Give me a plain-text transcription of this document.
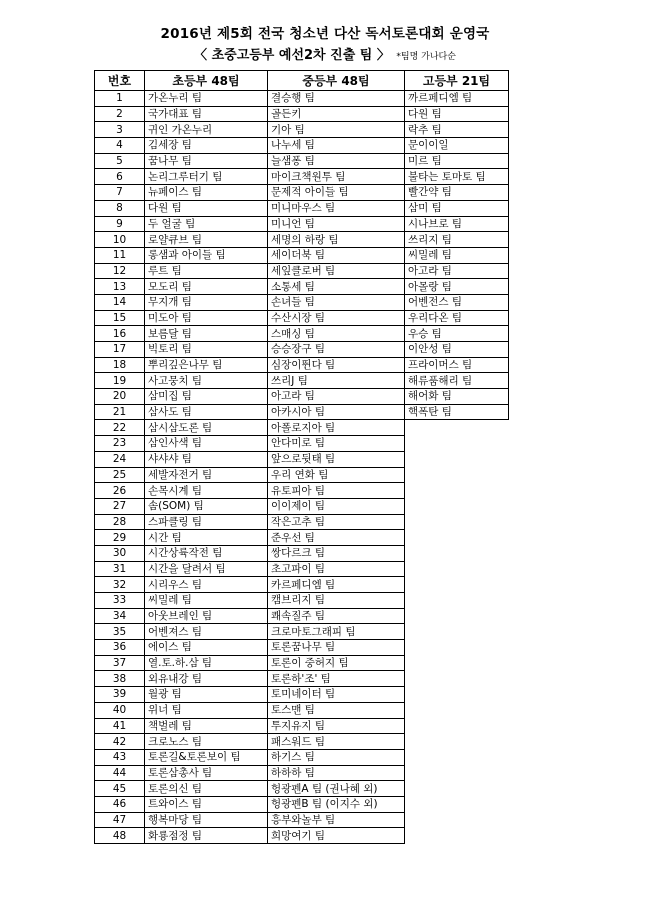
2016년 제5회 전국 청소년 다산 독서토론대회 운영국
〈 초중고등부 예선2차 진출 팀 〉 *팀명 가나다순
번호	초등부 48팀	중등부 48팀	고등부 21팀
1	가온누리 팀	결승행 팀	까르페디엠 팀
2	국가대표 팀	골든키	다원 팀
3	귀인 가온누리	기아 팀	락추 팀
4	김세장 팀	나누세 팀	문이이일
5	꿈나무 팀	늘샘퐁 팀	미르 팀
6	논리그루터기 팀	마이크책원투 팀	불타는 토마토 팀
7	뉴페이스 팀	문제적 아이들 팀	빨간약 팀
8	다원 팀	미니마우스 팀	삼미 팀
9	두 얼굴 팀	미니언 팀	시나브로 팀
10	로얄큐브 팀	세명의 하랑 팀	쓰리지 팀
11	롱샘과 아이들 팀	세이더북 팀	씨밀레 팀
12	루트 팀	세잎클로버 팀	아고라 팀
13	모도리 팀	소통세 팀	아몰랑 팀
14	무지개 팀	손녀들 팀	어벤전스 팀
15	미도아 팀	수산시장 팀	우리다온 팀
16	보름달 팀	스매싱 팀	우승 팀
17	빅토리 팀	승승장구 팀	이안성 팀
18	뿌리깊은나무 팀	심장이뛴다 팀	프라이머스 팀
19	사고뭉치 팀	쓰리J 팀	해류품해리 팀
20	삼미집 팀	아고라 팀	해어화 팀
21	삼사도 팀	아카시아 팀	핵폭탄 팀
22	삼시삼도론 팀	아폴로지아 팀	
23	삼인사색 팀	안다미로 팀	
24	샤샤샤 팀	앞으로뒷태 팀	
25	세발자전거 팀	우리 연화 팀	
26	손목시계 팀	유토피아 팀	
27	솜(SOM) 팀	이이제이 팀	
28	스파클링 팀	작은고추 팀	
29	시간 팀	준우선 팀	
30	시간상륙작전 팀	쌍다르크 팀	
31	시간을 달려서 팀	초고파이 팀	
32	시리우스 팀	카르페디엠 팀	
33	씨밀레 팀	캠브리지 팀	
34	아웃브레인 팀	쾌속질주 팀	
35	어벤져스 팀	크로마토그래피 팀	
36	에이스 팀	토론꿈나무 팀	
37	열.토.하.삼 팀	토론이 중허지 팀	
38	외유내강 팀	토론하'조' 팀	
39	월광 팀	토미네이터 팀	
40	위너 팀	토스맨 팀	
41	책벌레 팀	투지유지 팀	
42	크로노스 팀	패스워드 팀	
43	토론길&토론보이 팀	하기스 팀	
44	토론삼총사 팀	하하하 팀	
45	토론의신 팀	헝광펜A 팀 (권나혜 외)	
46	트와이스 팀	헝광펜B 팀 (이지수 외)	
47	행복마당 팀	흥부와놀부 팀	
48	화룡점정 팀	희망여기 팀	
